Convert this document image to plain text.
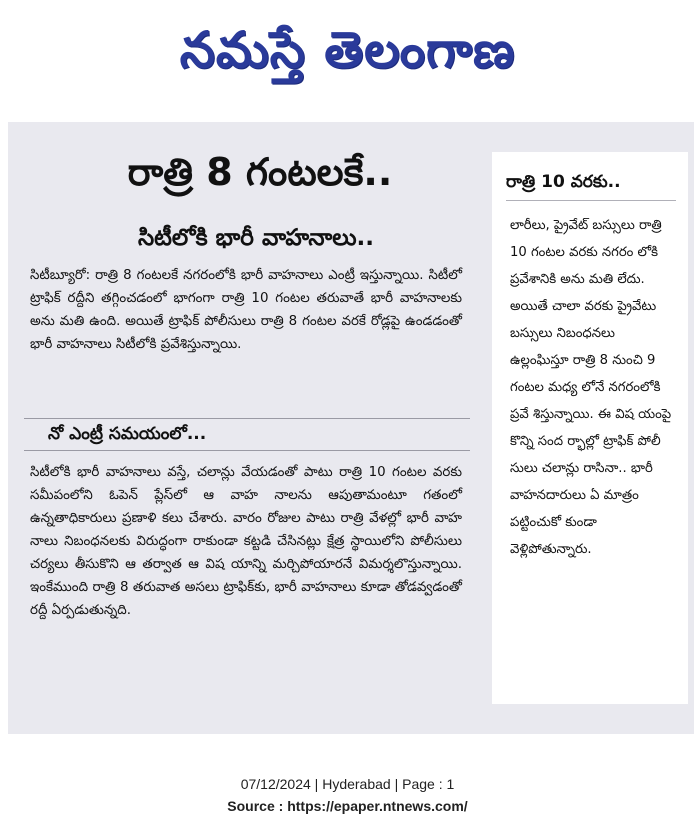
నమస్తే తెలంగాణ
రాత్రి 8 గంటలకే..
సిటీలోకి భారీ వాహనాలు..

సిటీబ్యూరో: రాత్రి 8 గంటలకే నగరంలోకి భారీ వాహనాలు ఎంట్రీ ఇస్తున్నాయి. సిటీలో ట్రాఫిక్ రద్దీని తగ్గించడంలో భాగంగా రాత్రి 10 గంటల తరువాతే భారీ వాహనాలకు అను మతి ఉంది. అయితే ట్రాఫిక్ పోలీసులు రాత్రి 8 గంటల వరకే రోడ్లపై ఉండడంతో భారీ వాహనాలు సిటీలోకి ప్రవేశిస్తున్నాయి.

నో ఎంట్రీ సమయంలో...

సిటీలోకి భారీ వాహనాలు వస్తే, చలాన్లు వేయడంతో పాటు రాత్రి 10 గంటల వరకు సమీపంలోని ఓపెన్ ప్లేస్‌లో ఆ వాహ నాలను ఆపుతామంటూ గతంలో ఉన్నతాధికారులు ప్రణాళి కలు చేశారు. వారం రోజుల పాటు రాత్రి వేళల్లో భారీ వాహ నాలు నిబంధనలకు విరుద్ధంగా రాకుండా కట్టడి చేసినట్లు క్షేత్ర స్థాయిలోని పోలీసులు చర్యలు తీసుకొని ఆ తర్వాత ఆ విష యాన్ని మర్చిపోయారనే విమర్శలొస్తున్నాయి. ఇంకేముంది రాత్రి 8 తరువాత అసలు ట్రాఫిక్‌కు, భారీ వాహనాలు కూడా తోడవ్వడంతో రద్దీ ఏర్పడుతున్నది.

రాత్రి 10 వరకు..

లారీలు, ప్రైవేట్ బస్సులు రాత్రి 10 గంటల వరకు నగరం లోకి ప్రవేశానికి అను మతి లేదు. అయితే చాలా వరకు ప్రైవేటు బస్సులు నిబంధనలు ఉల్లంఘిస్తూ రాత్రి 8 నుంచి 9 గంటల మధ్య లోనే నగరంలోకి ప్రవే శిస్తున్నాయి. ఈ విష యంపై కొన్ని సంద ర్భాల్లో ట్రాఫిక్ పోలీ సులు చలాన్లు రాసినా.. భారీ వాహనదారులు ఏ మాత్రం పట్టించుకో కుండా వెళ్లిపోతున్నారు.

07/12/2024 | Hyderabad | Page : 1
Source : https://epaper.ntnews.com/
